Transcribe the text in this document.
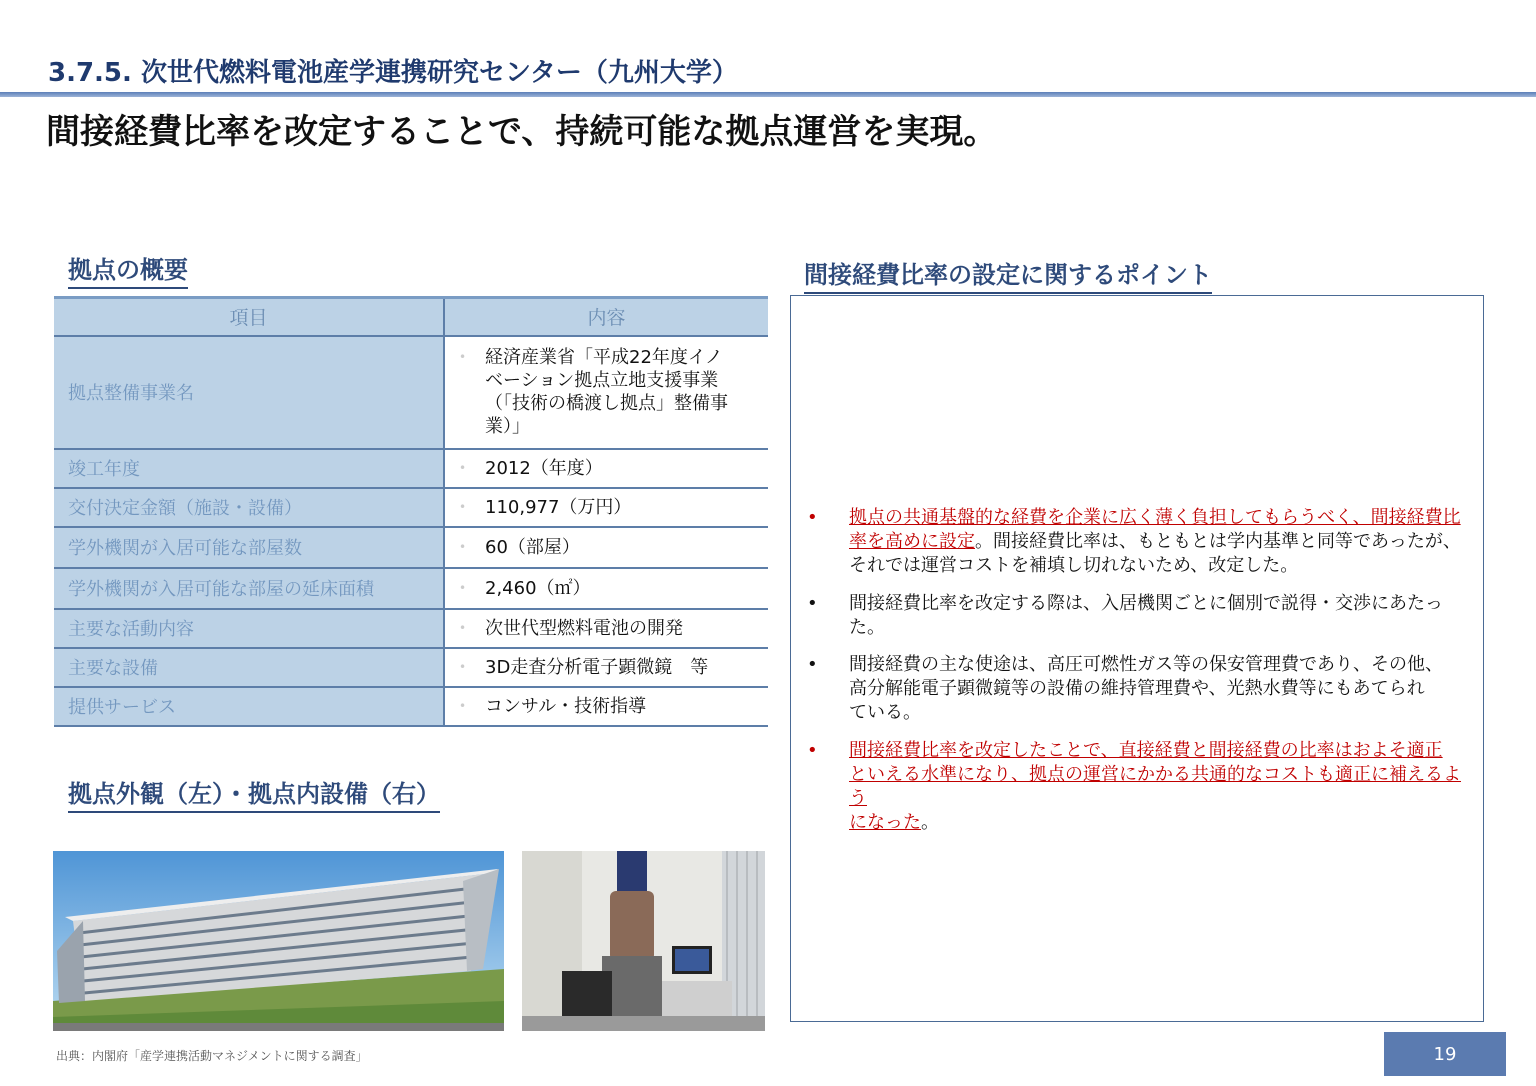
3.7.5. 次世代燃料電池産学連携研究センター（九州大学）
間接経費比率を改定することで、持続可能な拠点運営を実現。
拠点の概要
項目	内容
拠点整備事業名	• 経済産業省「平成22年度イノ
ベーション拠点立地支援事業
（「技術の橋渡し拠点」整備事
業）」

竣工年度	• 2012（年度）

交付決定金額（施設・設備）	• 110,977（万円）

学外機関が入居可能な部屋数	• 60（部屋）

学外機関が入居可能な部屋の延床面積	• 2,460（㎡）

主要な活動内容	• 次世代型燃料電池の開発

主要な設備	• 3D走査分析電子顕微鏡　等

提供サービス	• コンサル・技術指導
拠点外観（左）・拠点内設備（右）
出典：内閣府「産学連携活動マネジメントに関する調査」	19
間接経費比率の設定に関するポイント
•	拠点の共通基盤的な経費を企業に広く薄く負担してもらうべく、間接経費比
率を高めに設定。間接経費比率は、もともとは学内基準と同等であったが、
それでは運営コストを補填し切れないため、改定した。
•	間接経費比率を改定する際は、入居機関ごとに個別で説得・交渉にあたっ
た。
•	間接経費の主な使途は、高圧可燃性ガス等の保安管理費であり、その他、
高分解能電子顕微鏡等の設備の維持管理費や、光熱水費等にもあてられ
ている。
•	間接経費比率を改定したことで、直接経費と間接経費の比率はおよそ適正
といえる水準になり、拠点の運営にかかる共通的なコストも適正に補えるよう
になった。
